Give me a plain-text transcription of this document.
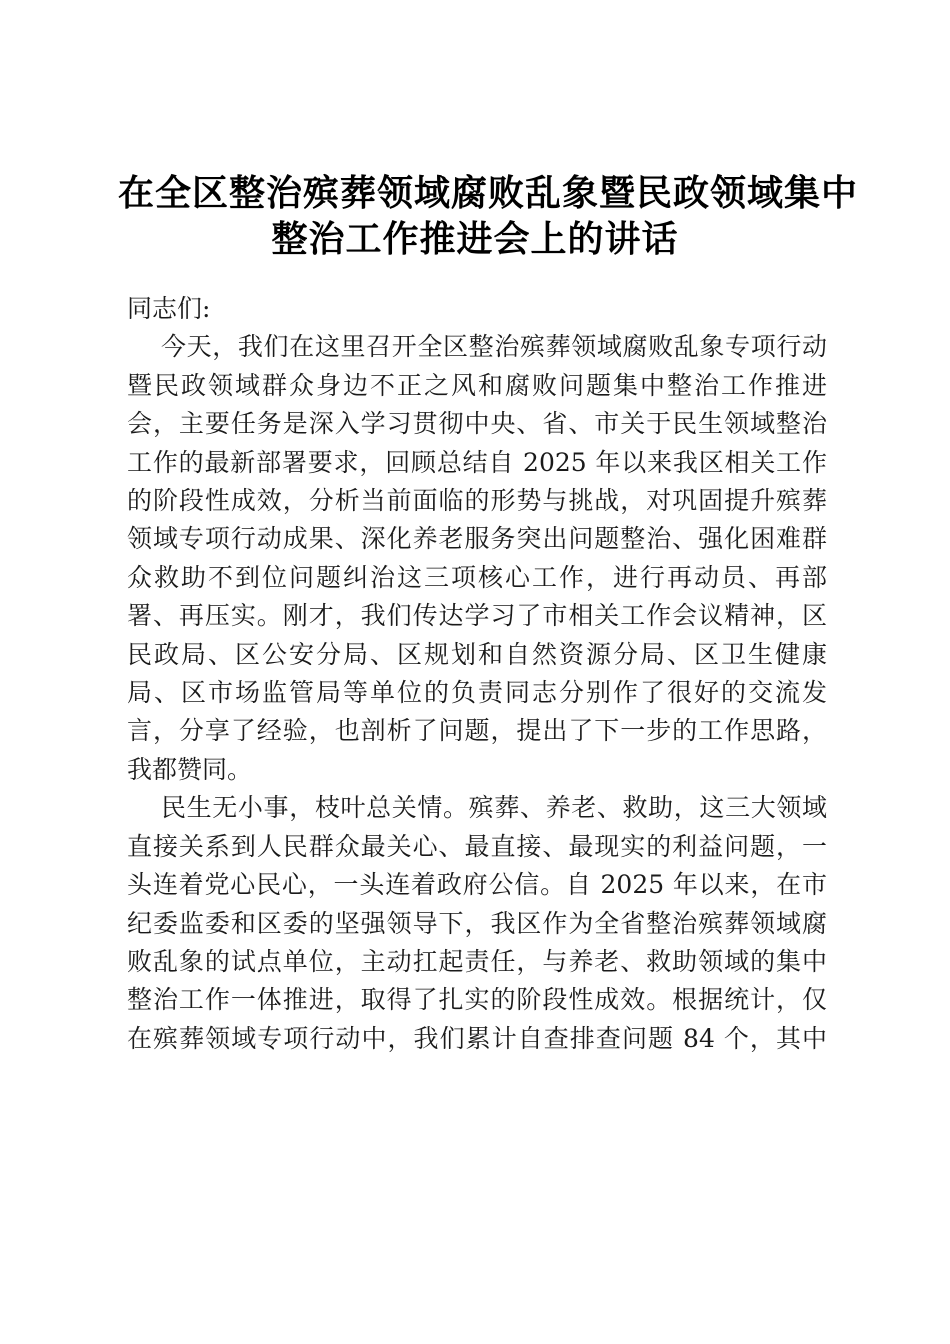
在全区整治殡葬领域腐败乱象暨民政领域集中
整治工作推进会上的讲话

同志们:

今天，我们在这里召开全区整治殡葬领域腐败乱象专项行动
暨民政领域群众身边不正之风和腐败问题集中整治工作推进
会，主要任务是深入学习贯彻中央、省、市关于民生领域整治
工作的最新部署要求，回顾总结自 2025 年以来我区相关工作
的阶段性成效，分析当前面临的形势与挑战，对巩固提升殡葬
领域专项行动成果、深化养老服务突出问题整治、强化困难群
众救助不到位问题纠治这三项核心工作，进行再动员、再部
署、再压实。刚才，我们传达学习了市相关工作会议精神，区
民政局、区公安分局、区规划和自然资源分局、区卫生健康
局、区市场监管局等单位的负责同志分别作了很好的交流发
言，分享了经验，也剖析了问题，提出了下一步的工作思路，
我都赞同。

民生无小事，枝叶总关情。殡葬、养老、救助，这三大领域
直接关系到人民群众最关心、最直接、最现实的利益问题，一
头连着党心民心，一头连着政府公信。自 2025 年以来，在市
纪委监委和区委的坚强领导下，我区作为全省整治殡葬领域腐
败乱象的试点单位，主动扛起责任，与养老、救助领域的集中
整治工作一体推进，取得了扎实的阶段性成效。根据统计，仅
在殡葬领域专项行动中，我们累计自查排查问题 84 个，其中
